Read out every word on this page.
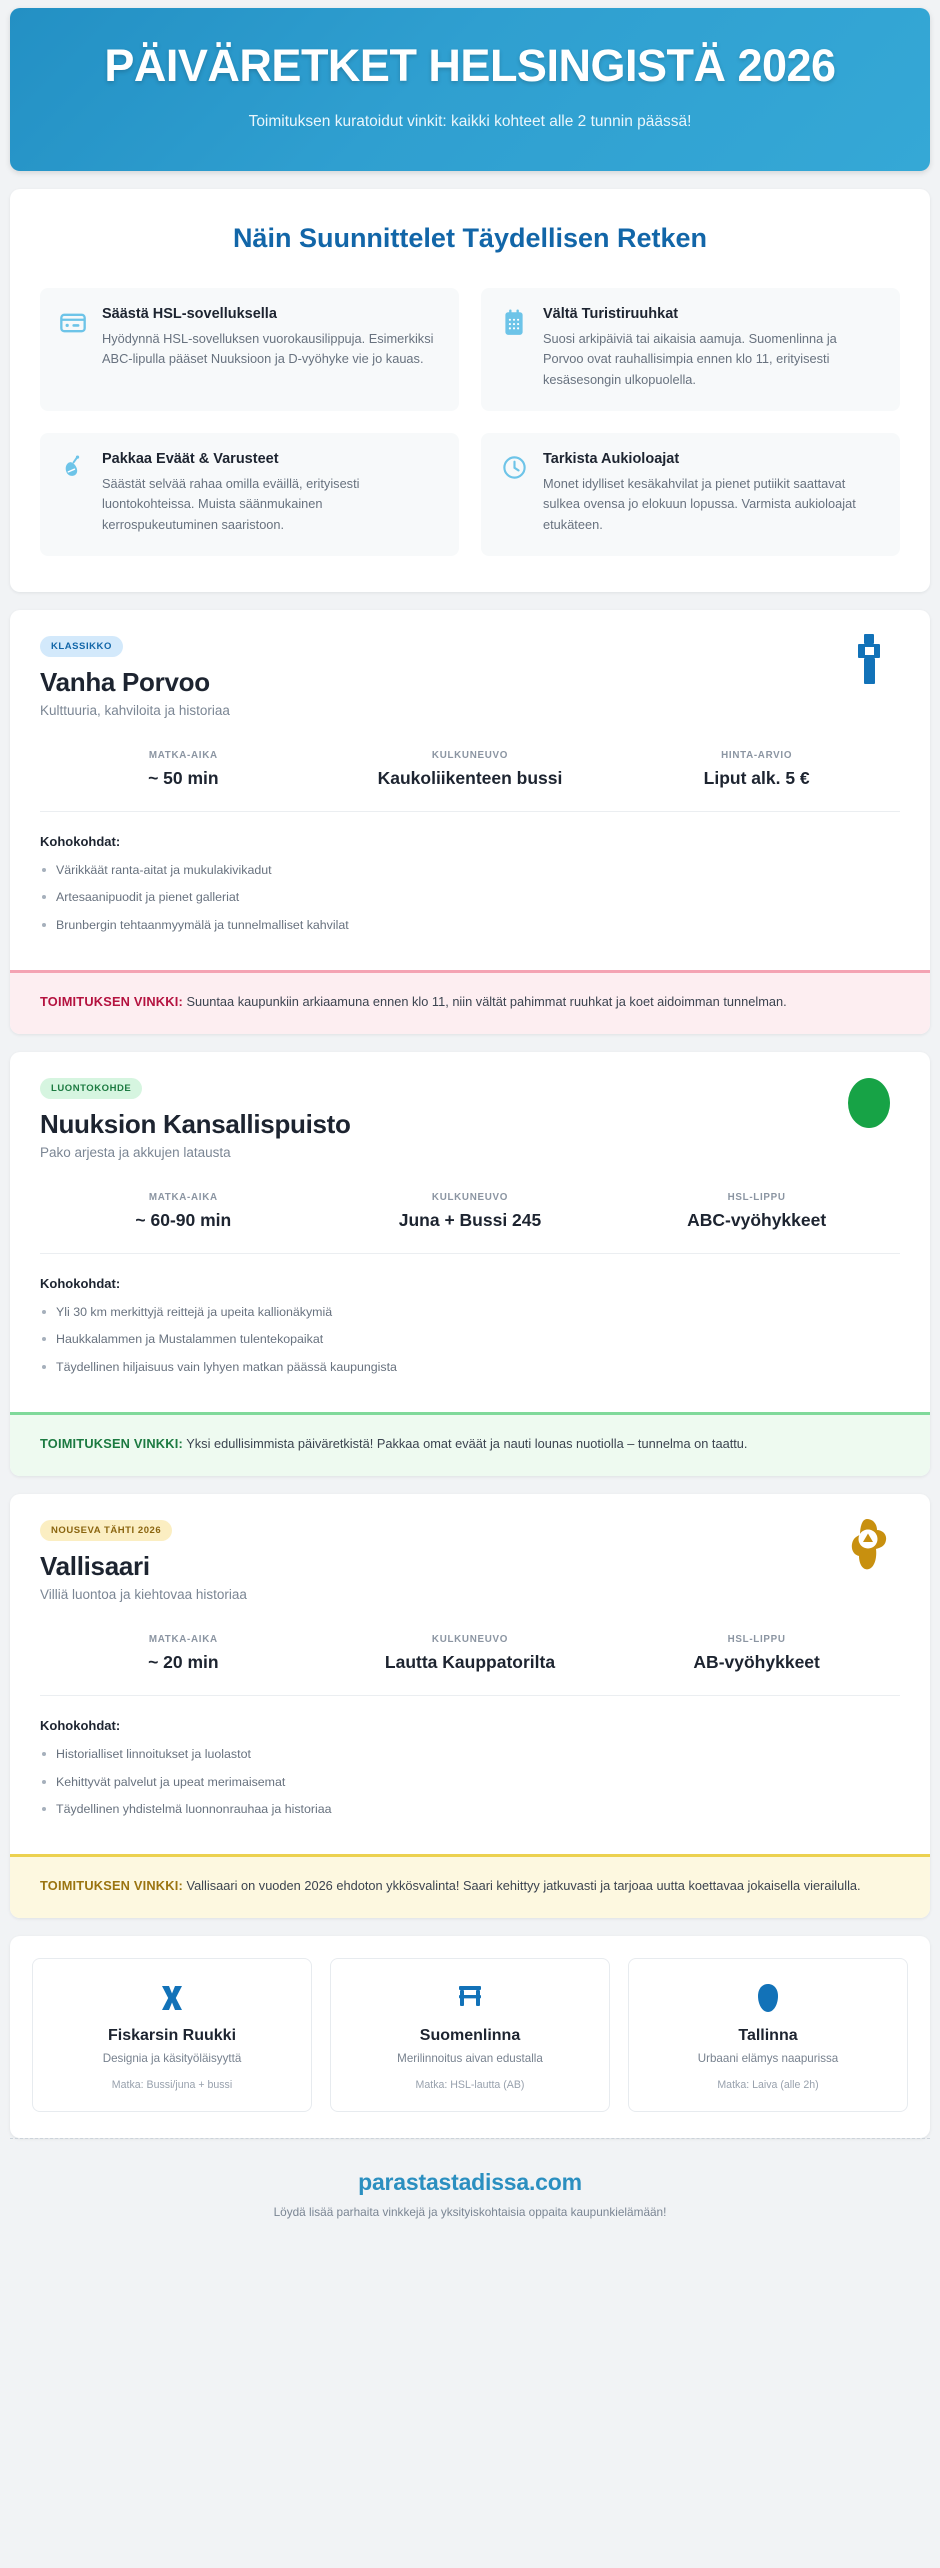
PÄIVÄRETKET HELSINGISTÄ 2026
Toimituksen kuratoidut vinkit: kaikki kohteet alle 2 tunnin päässä!
Näin Suunnittelet Täydellisen Retken
Säästä HSL-sovelluksella
Hyödynnä HSL-sovelluksen vuorokausilippuja. Esimerkiksi ABC-lipulla pääset Nuuksioon ja D-vyöhyke vie jo kauas.
Vältä Turistiruuhkat
Suosi arkipäiviä tai aikaisia aamuja. Suomenlinna ja Porvoo ovat rauhallisimpia ennen klo 11, erityisesti kesäsesongin ulkopuolella.
Pakkaa Eväät & Varusteet
Säästät selvää rahaa omilla eväillä, erityisesti luontokohteissa. Muista säänmukainen kerrospukeutuminen saaristoon.
Tarkista Aukioloajat
Monet idylliset kesäkahvilat ja pienet putiikit saattavat sulkea ovensa jo elokuun lopussa. Varmista aukioloajat etukäteen.
KLASSIKKO
Vanha Porvoo
Kulttuuria, kahviloita ja historiaa
MATKA-AIKA
~ 50 min
KULKUNEUVO
Kaukoliikenteen bussi
HINTA-ARVIO
Liput alk. 5 €
Kohokohdat:
Värikkäät ranta-aitat ja mukulakivikadut
Artesaanipuodit ja pienet galleriat
Brunbergin tehtaanmyymälä ja tunnelmalliset kahvilat
TOIMITUKSEN VINKKI: Suuntaa kaupunkiin arkiaamuna ennen klo 11, niin vältät pahimmat ruuhkat ja koet aidoimman tunnelman.
LUONTOKOHDE
Nuuksion Kansallispuisto
Pako arjesta ja akkujen latausta
MATKA-AIKA
~ 60-90 min
KULKUNEUVO
Juna + Bussi 245
HSL-LIPPU
ABC-vyöhykkeet
Kohokohdat:
Yli 30 km merkittyjä reittejä ja upeita kallionäkymiä
Haukkalammen ja Mustalammen tulentekopaikat
Täydellinen hiljaisuus vain lyhyen matkan päässä kaupungista
TOIMITUKSEN VINKKI: Yksi edullisimmista päiväretkistä! Pakkaa omat eväät ja nauti lounas nuotiolla – tunnelma on taattu.
NOUSEVA TÄHTI 2026
Vallisaari
Villiä luontoa ja kiehtovaa historiaa
MATKA-AIKA
~ 20 min
KULKUNEUVO
Lautta Kauppatorilta
HSL-LIPPU
AB-vyöhykkeet
Kohokohdat:
Historialliset linnoitukset ja luolastot
Kehittyvät palvelut ja upeat merimaisemat
Täydellinen yhdistelmä luonnonrauhaa ja historiaa
TOIMITUKSEN VINKKI: Vallisaari on vuoden 2026 ehdoton ykkösvalinta! Saari kehittyy jatkuvasti ja tarjoaa uutta koettavaa jokaisella vierailulla.
Fiskarsin Ruukki
Designia ja käsityöläisyyttä
Matka: Bussi/juna + bussi
Suomenlinna
Merilinnoitus aivan edustalla
Matka: HSL-lautta (AB)
Tallinna
Urbaani elämys naapurissa
Matka: Laiva (alle 2h)
parastastadissa.com
Löydä lisää parhaita vinkkejä ja yksityiskohtaisia oppaita kaupunkielämään!
